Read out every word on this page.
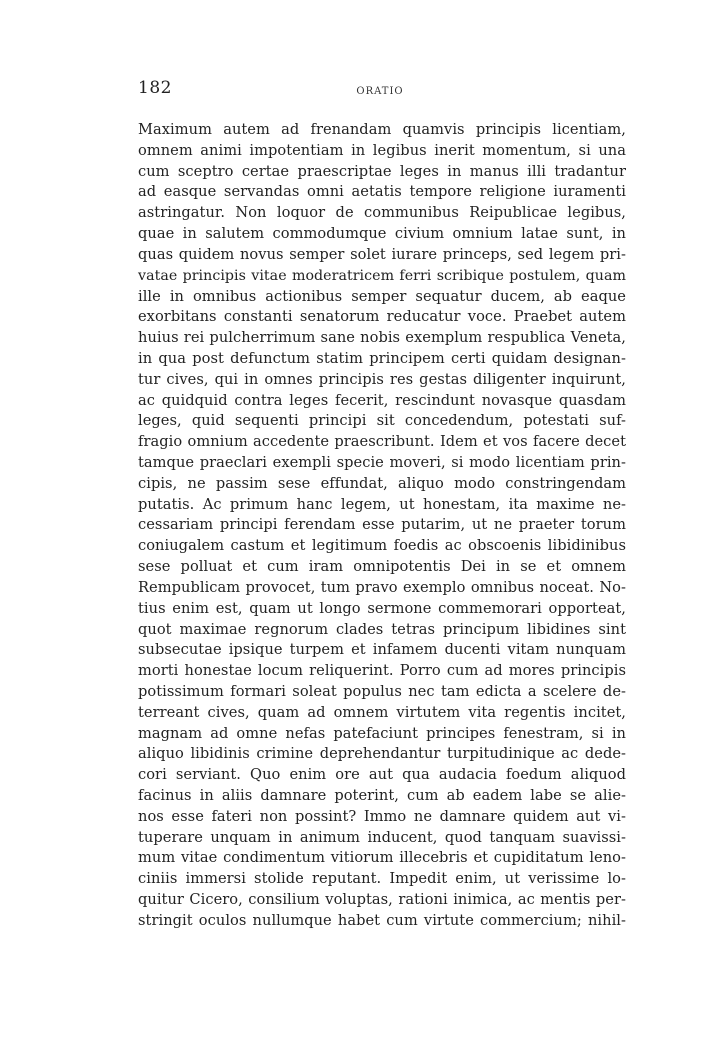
182	ORATIO
Maximum autem ad frenandam quamvis principis licentiam,
omnem animi impotentiam in legibus inerit momentum, si una
cum sceptro certae praescriptae leges in manus illi tradantur
ad easque servandas omni aetatis tempore religione iuramenti
astringatur. Non loquor de communibus Reipublicae legibus,
quae in salutem commodumque civium omnium latae sunt, in
quas quidem novus semper solet iurare princeps, sed legem pri-
vatae principis vitae moderatricem ferri scribique postulem, quam
ille in omnibus actionibus semper sequatur ducem, ab eaque
exorbitans constanti senatorum reducatur voce. Praebet autem
huius rei pulcherrimum sane nobis exemplum respublica Veneta,
in qua post defunctum statim principem certi quidam designan-
tur cives, qui in omnes principis res gestas diligenter inquirunt,
ac quidquid contra leges fecerit, rescindunt novasque quasdam
leges, quid sequenti principi sit concedendum, potestati suf-
fragio omnium accedente praescribunt. Idem et vos facere decet
tamque praeclari exempli specie moveri, si modo licentiam prin-
cipis, ne passim sese effundat, aliquo modo constringendam
putatis. Ac primum hanc legem, ut honestam, ita maxime ne-
cessariam principi ferendam esse putarim, ut ne praeter torum
coniugalem castum et legitimum foedis ac obscoenis libidinibus
sese polluat et cum iram omnipotentis Dei in se et omnem
Rempublicam provocet, tum pravo exemplo omnibus noceat. No-
tius enim est, quam ut longo sermone commemorari opporteat,
quot maximae regnorum clades tetras principum libidines sint
subsecutae ipsique turpem et infamem ducenti vitam nunquam
morti honestae locum reliquerint. Porro cum ad mores principis
potissimum formari soleat populus nec tam edicta a scelere de-
terreant cives, quam ad omnem virtutem vita regentis incitet,
magnam ad omne nefas patefaciunt principes fenestram, si in
aliquo libidinis crimine deprehendantur turpitudinique ac dede-
cori serviant. Quo enim ore aut qua audacia foedum aliquod
facinus in aliis damnare poterint, cum ab eadem labe se alie-
nos esse fateri non possint? Immo ne damnare quidem aut vi-
tuperare unquam in animum inducent, quod tanquam suavissi-
mum vitae condimentum vitiorum illecebris et cupiditatum leno-
ciniis immersi stolide reputant. Impedit enim, ut verissime lo-
quitur Cicero, consilium voluptas, rationi inimica, ac mentis per-
stringit oculos nullumque habet cum virtute commercium; nihil-
